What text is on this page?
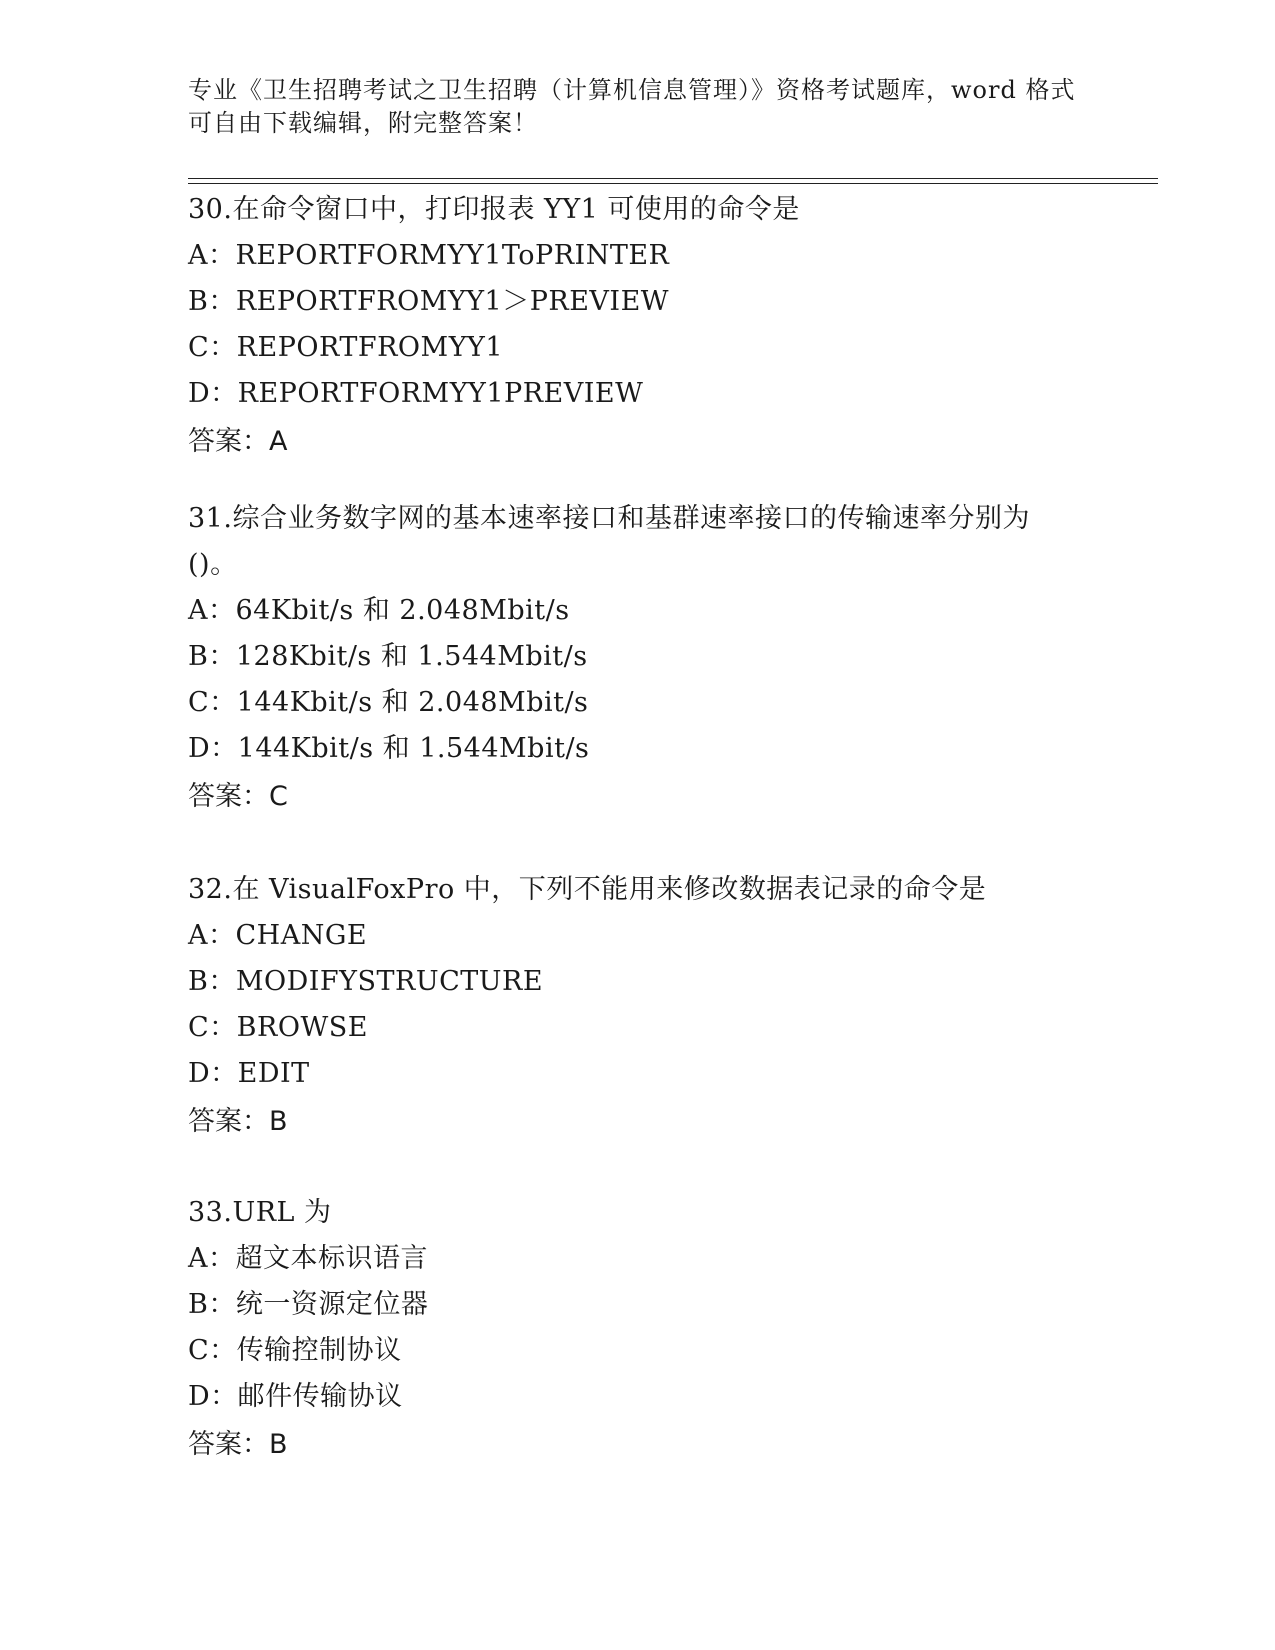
专业《卫生招聘考试之卫生招聘（计算机信息管理）》资格考试题库，word 格式
可自由下载编辑，附完整答案！
30.在命令窗口中，打印报表 YY1 可使用的命令是
A：REPORTFORMYY1ToPRINTER
B：REPORTFROMYY1＞PREVIEW
C：REPORTFROMYY1
D：REPORTFORMYY1PREVIEW
答案：A
31.综合业务数字网的基本速率接口和基群速率接口的传输速率分别为()。
A：64Kbit/s 和 2.048Mbit/s
B：128Kbit/s 和 1.544Mbit/s
C：144Kbit/s 和 2.048Mbit/s
D：144Kbit/s 和 1.544Mbit/s
答案：C
32.在 VisualFoxPro 中，下列不能用来修改数据表记录的命令是
A：CHANGE
B：MODIFYSTRUCTURE
C：BROWSE
D：EDIT
答案：B
33.URL 为
A：超文本标识语言
B：统一资源定位器
C：传输控制协议
D：邮件传输协议
答案：B
